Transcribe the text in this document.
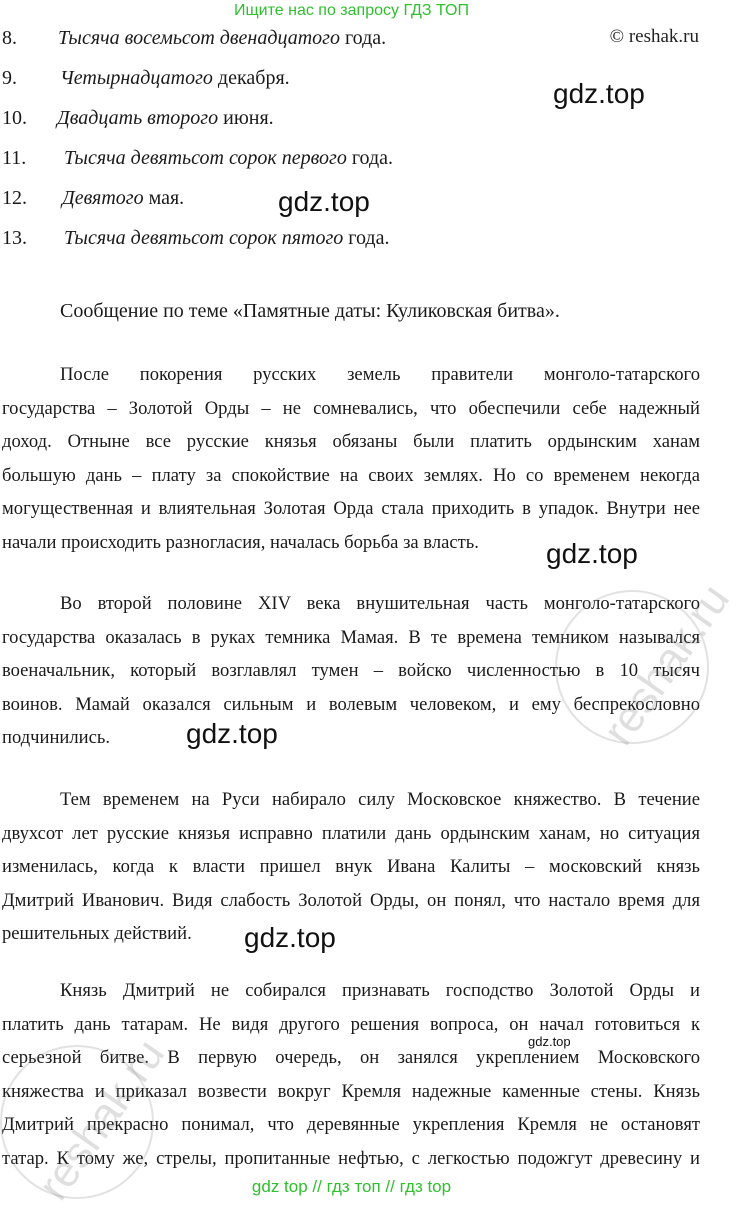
Ищите нас по запросу ГДЗ ТОП
© reshak.ru
8. Тысяча восемьсот двенадцатого года.
9. Четырнадцатого декабря.
10. Двадцать второго июня.
11. Тысяча девятьсот сорок первого года.
12. Девятого мая.
13. Тысяча девятьсот сорок пятого года.
Сообщение по теме «Памятные даты: Куликовская битва».
После покорения русских земель правители монголо-татарского
государства – Золотой Орды – не сомневались, что обеспечили себе надежный
доход. Отныне все русские князья обязаны были платить ордынским ханам
большую дань – плату за спокойствие на своих землях. Но со временем некогда
могущественная и влиятельная Золотая Орда стала приходить в упадок. Внутри нее
начали происходить разногласия, началась борьба за власть.
Во второй половине XIV века внушительная часть монголо-татарского
государства оказалась в руках темника Мамая. В те времена темником назывался
военачальник, который возглавлял тумен – войско численностью в 10 тысяч
воинов. Мамай оказался сильным и волевым человеком, и ему беспрекословно
подчинились.
Тем временем на Руси набирало силу Московское княжество. В течение
двухсот лет русские князья исправно платили дань ордынским ханам, но ситуация
изменилась, когда к власти пришел внук Ивана Калиты – московский князь
Дмитрий Иванович. Видя слабость Золотой Орды, он понял, что настало время для
решительных действий.
Князь Дмитрий не собирался признавать господство Золотой Орды и
платить дань татарам. Не видя другого решения вопроса, он начал готовиться к
серьезной битве. В первую очередь, он занялся укреплением Московского
княжества и приказал возвести вокруг Кремля надежные каменные стены. Князь
Дмитрий прекрасно понимал, что деревянные укрепления Кремля не остановят
татар. К тому же, стрелы, пропитанные нефтью, с легкостью подожгут древесину и
gdz.top
gdz.top
gdz.top
gdz.top
gdz.top
gdz.top
reshak.ru
reshak.ru	gdz top // гдз топ // гдз top
